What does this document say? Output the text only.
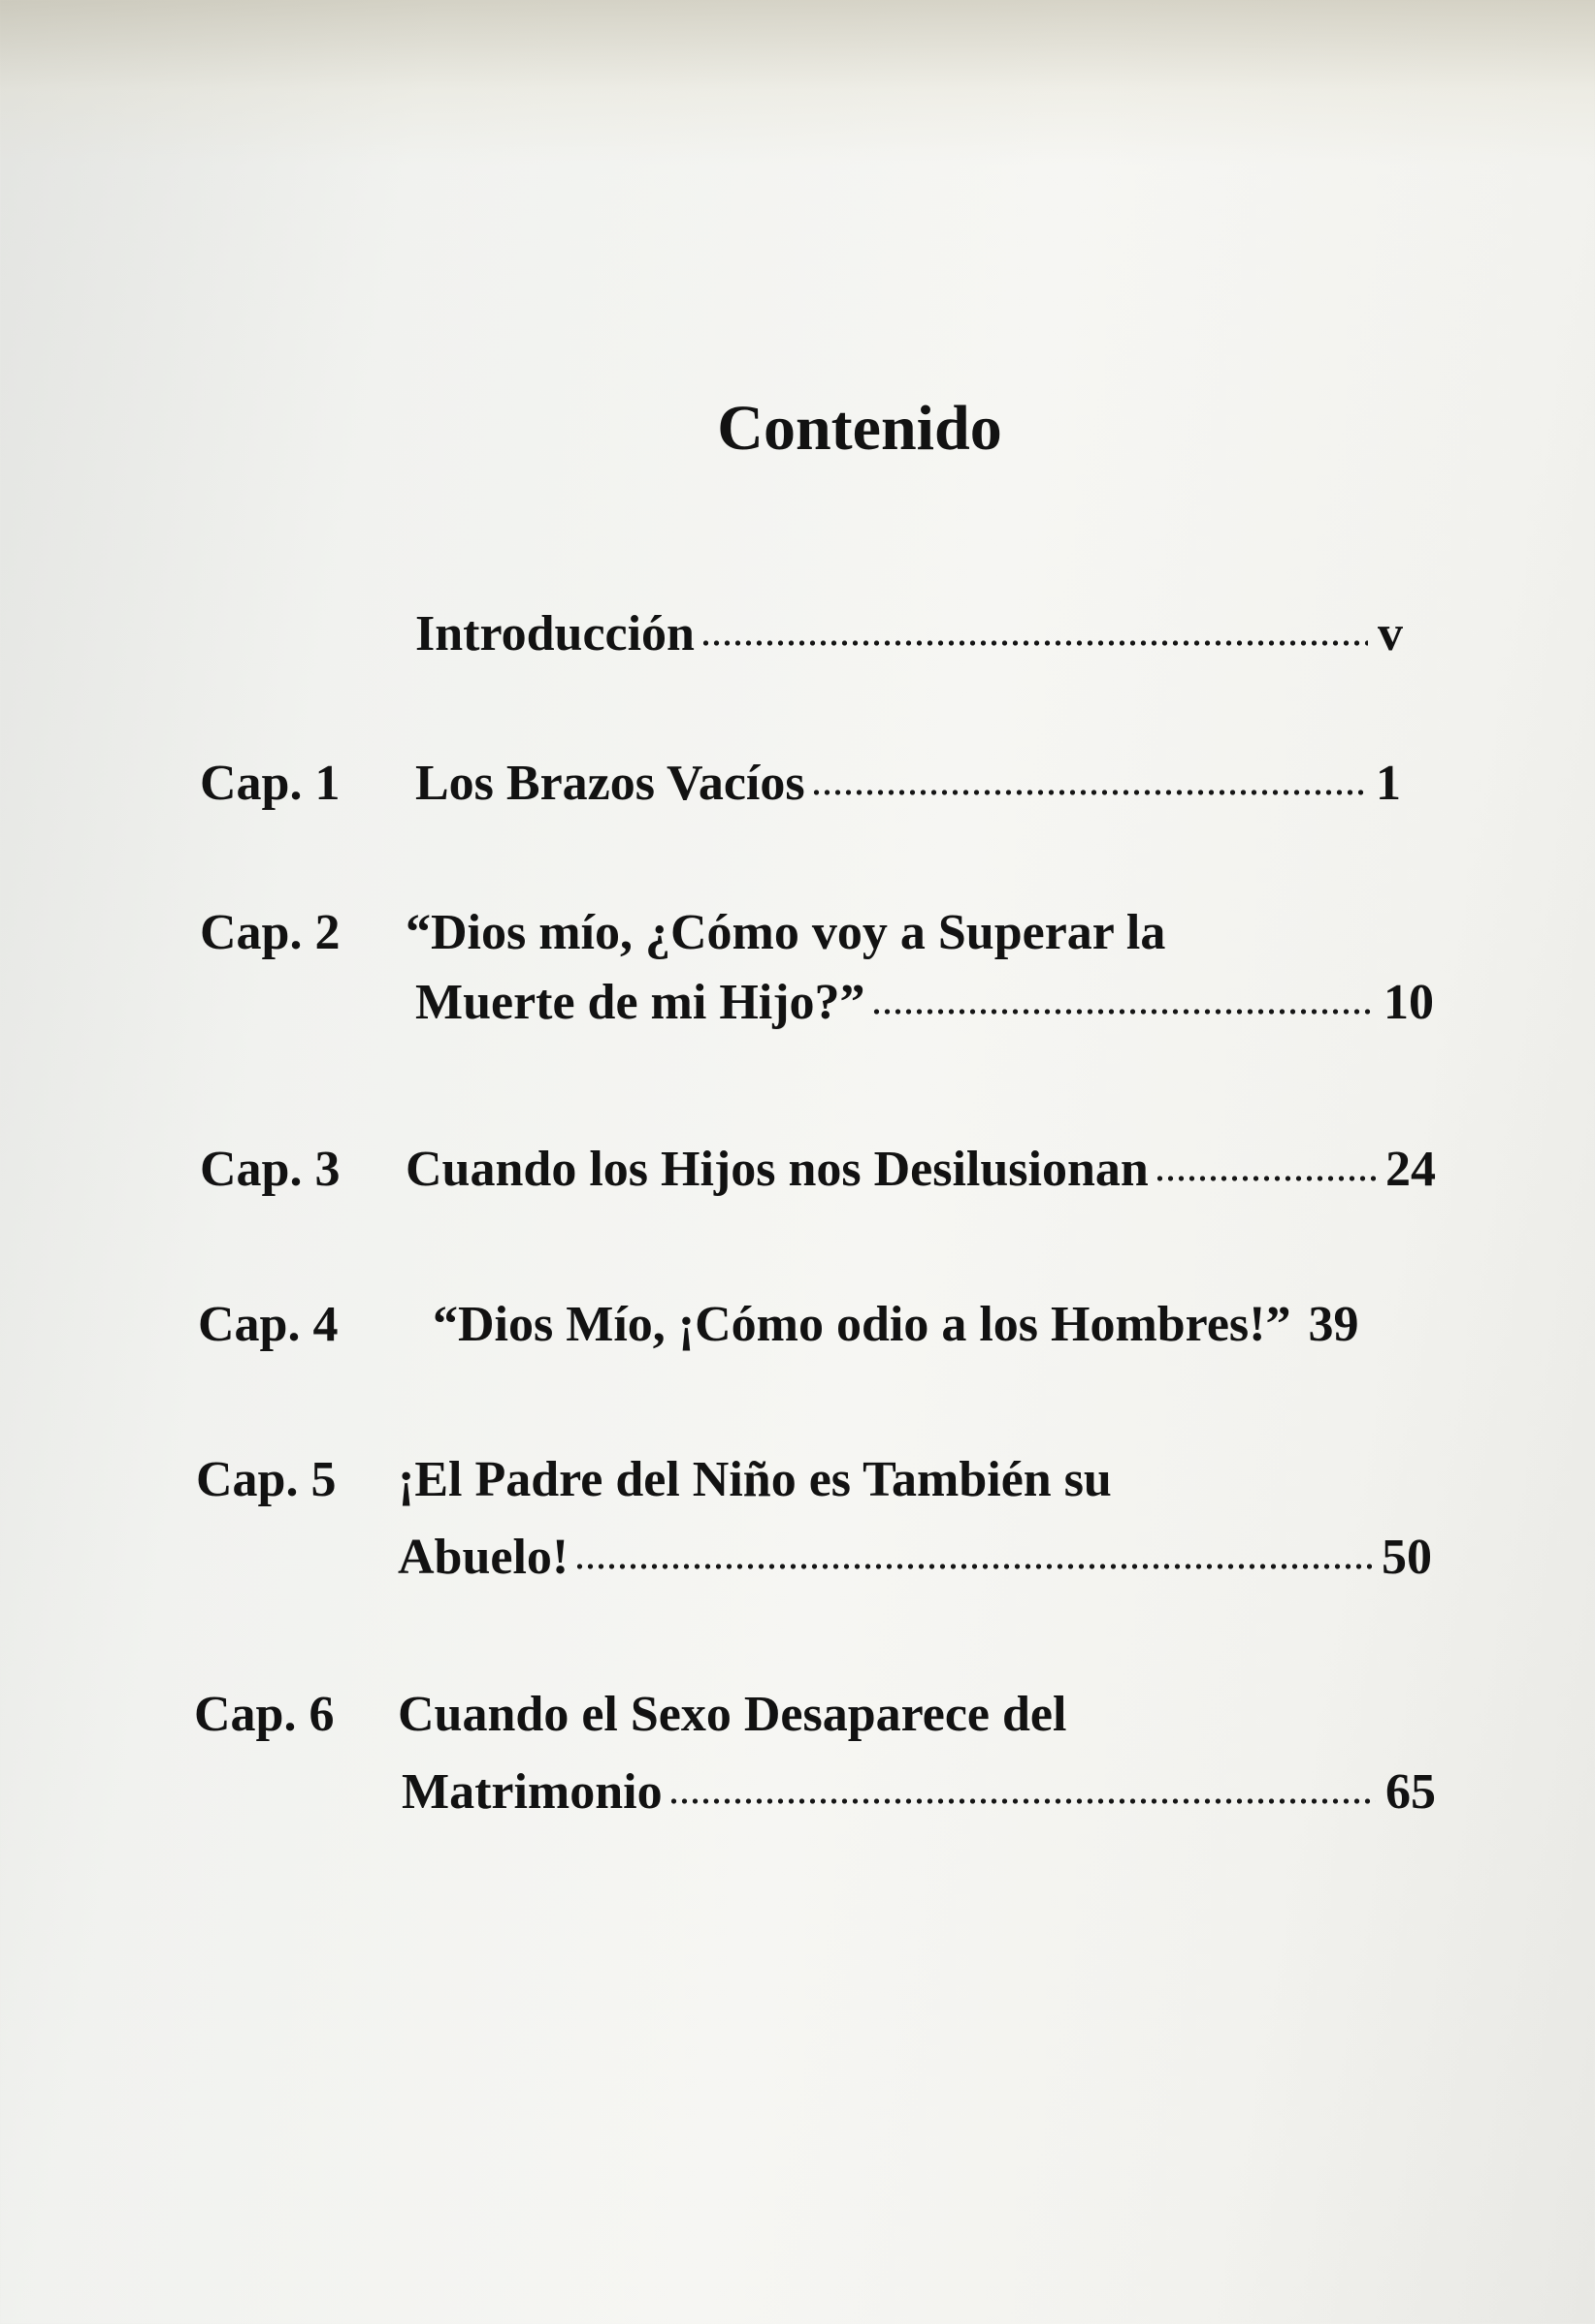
Contenido
Introducción	v
Cap. 1 Los Brazos Vacíos	1
Cap. 2 “Dios mío, ¿Cómo voy a Superar la
Muerte de mi Hijo?”	10
Cap. 3 Cuando los Hijos nos Desilusionan	24
Cap. 4 “Dios Mío, ¡Cómo odio a los Hombres!” 39
Cap. 5 ¡El Padre del Niño es También su
Abuelo!	50
Cap. 6 Cuando el Sexo Desaparece del
Matrimonio	65
